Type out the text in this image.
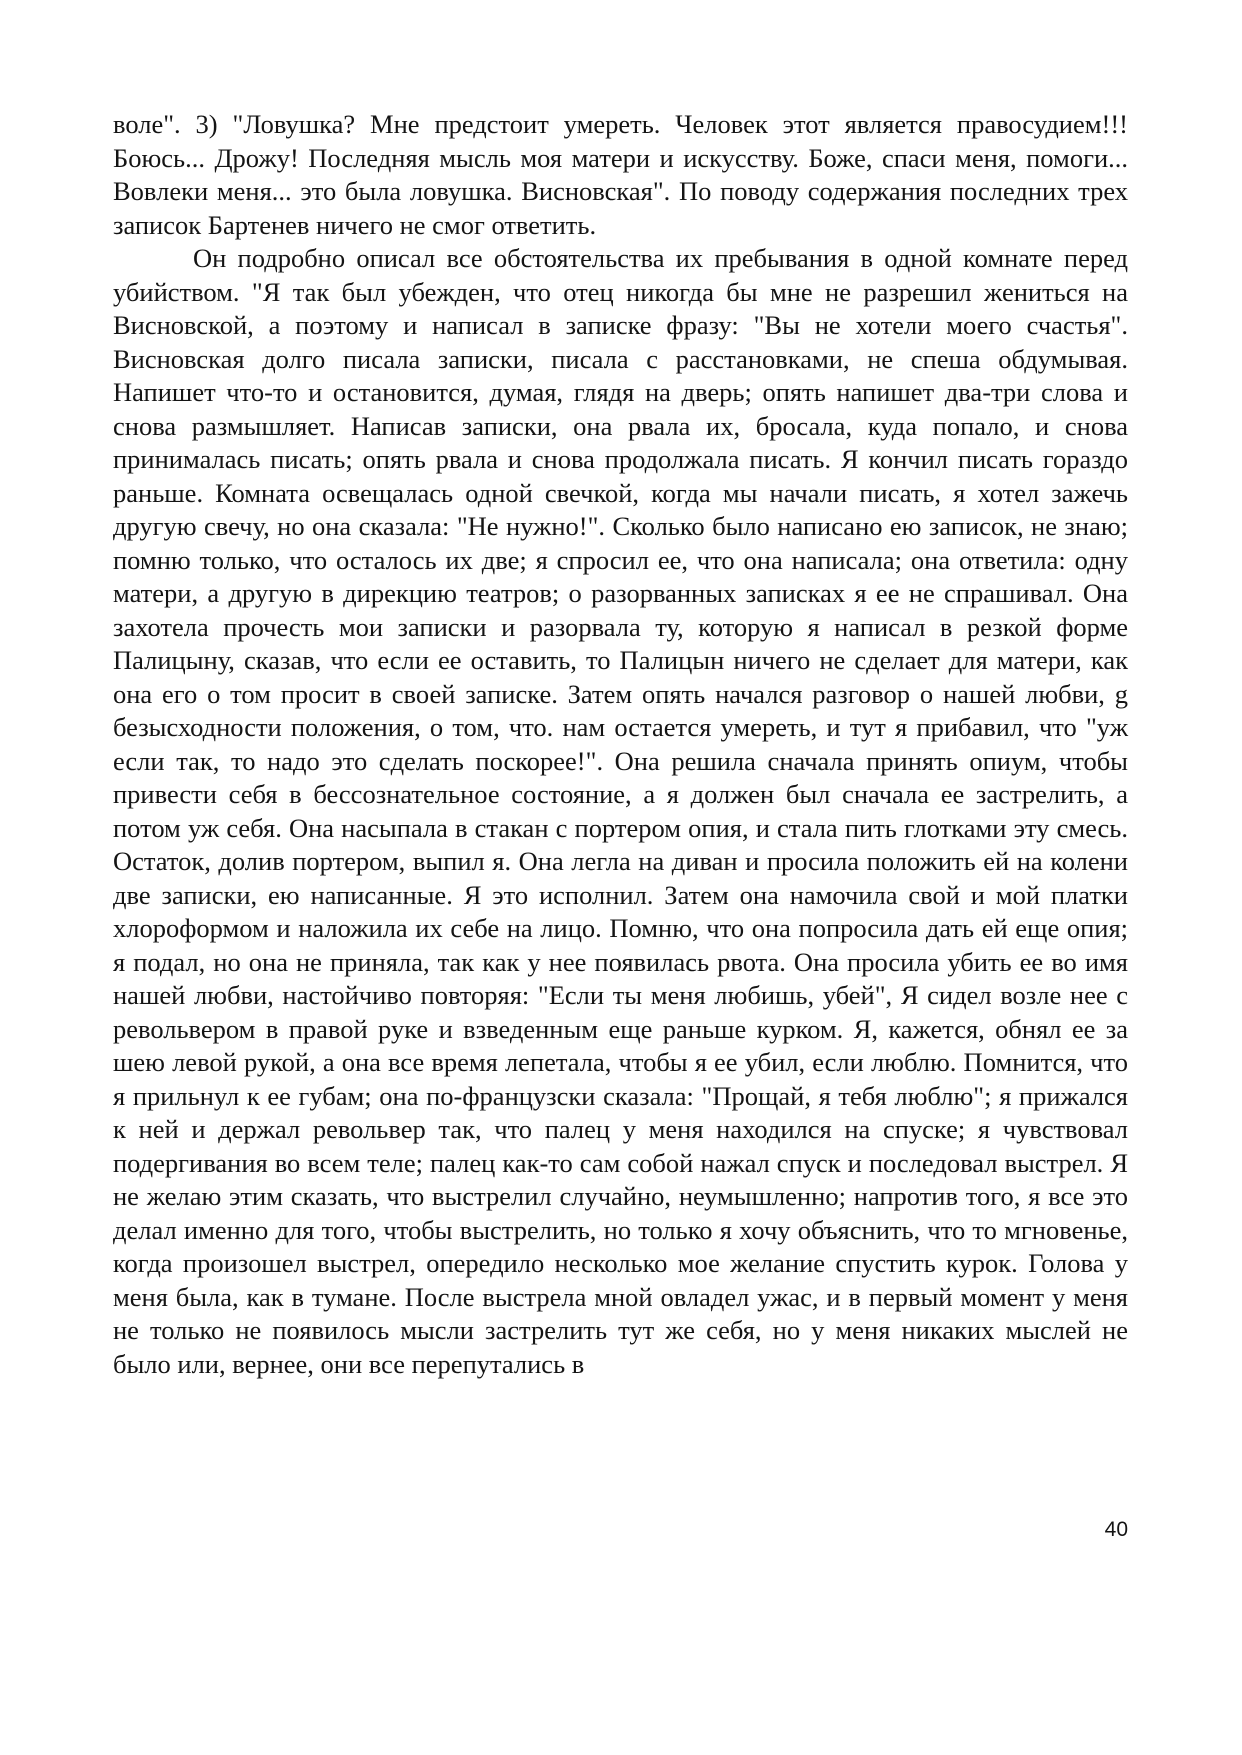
воле". 3) "Ловушка? Мне предстоит умереть. Человек этот является правосудием!!! Боюсь... Дрожу! Последняя мысль моя матери и искусству. Боже, спаси меня, помоги... Вовлеки меня... это была ловушка. Висновская". По поводу содержания последних трех записок Бартенев ничего не смог ответить.

Он подробно описал все обстоятельства их пребывания в одной комнате перед убийством. "Я так был убежден, что отец никогда бы мне не разрешил жениться на Висновской, а поэтому и написал в записке фразу: "Вы не хотели моего счастья". Висновская долго писала записки, писала с расстановками, не спеша обдумывая. Напишет что-то и остановится, думая, глядя на дверь; опять напишет два-три слова и снова размышляет. Написав записки, она рвала их, бросала, куда попало, и снова принималась писать; опять рвала и снова продолжала писать. Я кончил писать гораздо раньше. Комната освещалась одной свечкой, когда мы начали писать, я хотел зажечь другую свечу, но она сказала: "Не нужно!". Сколько было написано ею записок, не знаю; помню только, что осталось их две; я спросил ее, что она написала; она ответила: одну матери, а другую в дирекцию театров; о разорванных записках я ее не спрашивал. Она захотела прочесть мои записки и разорвала ту, которую я написал в резкой форме Палицыну, сказав, что если ее оставить, то Палицын ничего не сделает для матери, как она его о том просит в своей записке. Затем опять начался разговор о нашей любви, g безысходности положения, о том, что. нам остается умереть, и тут я прибавил, что "уж если так, то надо это сделать поскорее!". Она решила сначала принять опиум, чтобы привести себя в бессознательное состояние, а я должен был сначала ее застрелить, а потом уж себя. Она насыпала в стакан с портером опия, и стала пить глотками эту смесь. Остаток, долив портером, выпил я. Она легла на диван и просила положить ей на колени две записки, ею написанные. Я это исполнил. Затем она намочила свой и мой платки хлороформом и наложила их себе на лицо. Помню, что она попросила дать ей еще опия; я подал, но она не приняла, так как у нее появилась рвота. Она просила убить ее во имя нашей любви, настойчиво повторяя: "Если ты меня любишь, убей", Я сидел возле нее с револьвером в правой руке и взведенным еще раньше курком. Я, кажется, обнял ее за шею левой рукой, а она все время лепетала, чтобы я ее убил, если люблю. Помнится, что я прильнул к ее губам; она по-французски сказала: "Прощай, я тебя люблю"; я прижался к ней и держал револьвер так, что палец у меня находился на спуске; я чувствовал подергивания во всем теле; палец как-то сам собой нажал спуск и последовал выстрел. Я не желаю этим сказать, что выстрелил случайно, неумышленно; напротив того, я все это делал именно для того, чтобы выстрелить, но только я хочу объяснить, что то мгновенье, когда произошел выстрел, опередило несколько мое желание спустить курок. Голова у меня была, как в тумане. После выстрела мной овладел ужас, и в первый момент у меня не только не появилось мысли застрелить тут же себя, но у меня никаких мыслей не было или, вернее, они все перепутались в

40
